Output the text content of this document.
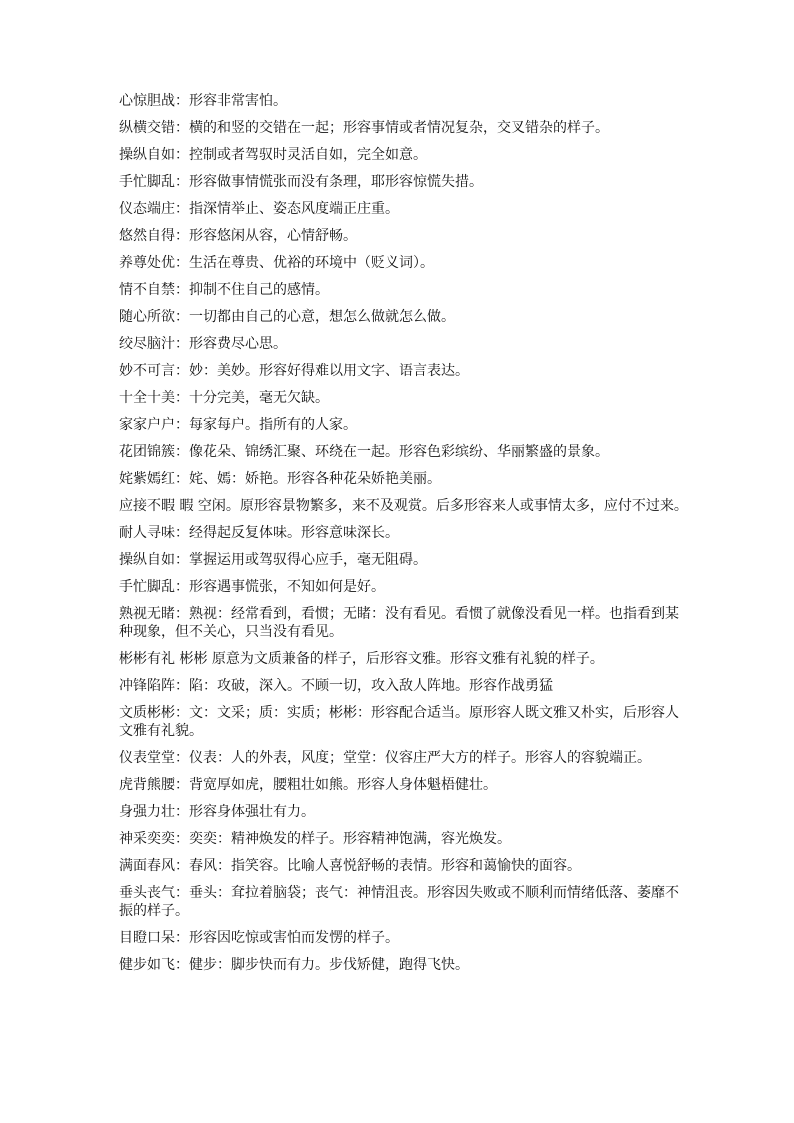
心惊胆战：形容非常害怕。

纵横交错：横的和竖的交错在一起；形容事情或者情况复杂，交叉错杂的样子。

操纵自如：控制或者驾驭时灵活自如，完全如意。

手忙脚乱：形容做事情慌张而没有条理，耶形容惊慌失措。

仪态端庄：指深情举止、姿态风度端正庄重。

悠然自得：形容悠闲从容，心情舒畅。

养尊处优：生活在尊贵、优裕的环境中（贬义词）。

情不自禁：抑制不住自己的感情。

随心所欲：一切都由自己的心意，想怎么做就怎么做。

绞尽脑汁：形容费尽心思。

妙不可言：妙：美妙。形容好得难以用文字、语言表达。

十全十美：十分完美，毫无欠缺。

家家户户：每家每户。指所有的人家。

花团锦簇：像花朵、锦绣汇聚、环绕在一起。形容色彩缤纷、华丽繁盛的景象。

姹紫嫣红：姹、嫣：娇艳。形容各种花朵娇艳美丽。

应接不暇 暇 空闲。原形容景物繁多，来不及观赏。后多形容来人或事情太多，应付不过来。

耐人寻味：经得起反复体味。形容意味深长。

操纵自如：掌握运用或驾驭得心应手，毫无阻碍。

手忙脚乱：形容遇事慌张，不知如何是好。

熟视无睹：熟视：经常看到，看惯；无睹：没有看见。看惯了就像没看见一样。也指看到某种现象，但不关心，只当没有看见。

彬彬有礼 彬彬 原意为文质兼备的样子，后形容文雅。形容文雅有礼貌的样子。

冲锋陷阵：陷：攻破，深入。不顾一切，攻入敌人阵地。形容作战勇猛

文质彬彬：文：文采；质：实质；彬彬：形容配合适当。原形容人既文雅又朴实，后形容人文雅有礼貌。

仪表堂堂：仪表：人的外表，风度；堂堂：仪容庄严大方的样子。形容人的容貌端正。

虎背熊腰：背宽厚如虎，腰粗壮如熊。形容人身体魁梧健壮。

身强力壮：形容身体强壮有力。

神采奕奕：奕奕：精神焕发的样子。形容精神饱满，容光焕发。

满面春风：春风：指笑容。比喻人喜悦舒畅的表情。形容和蔼愉快的面容。

垂头丧气：垂头：耷拉着脑袋；丧气：神情沮丧。形容因失败或不顺利而情绪低落、萎靡不振的样子。

目瞪口呆：形容因吃惊或害怕而发愣的样子。

健步如飞：健步：脚步快而有力。步伐矫健，跑得飞快。
